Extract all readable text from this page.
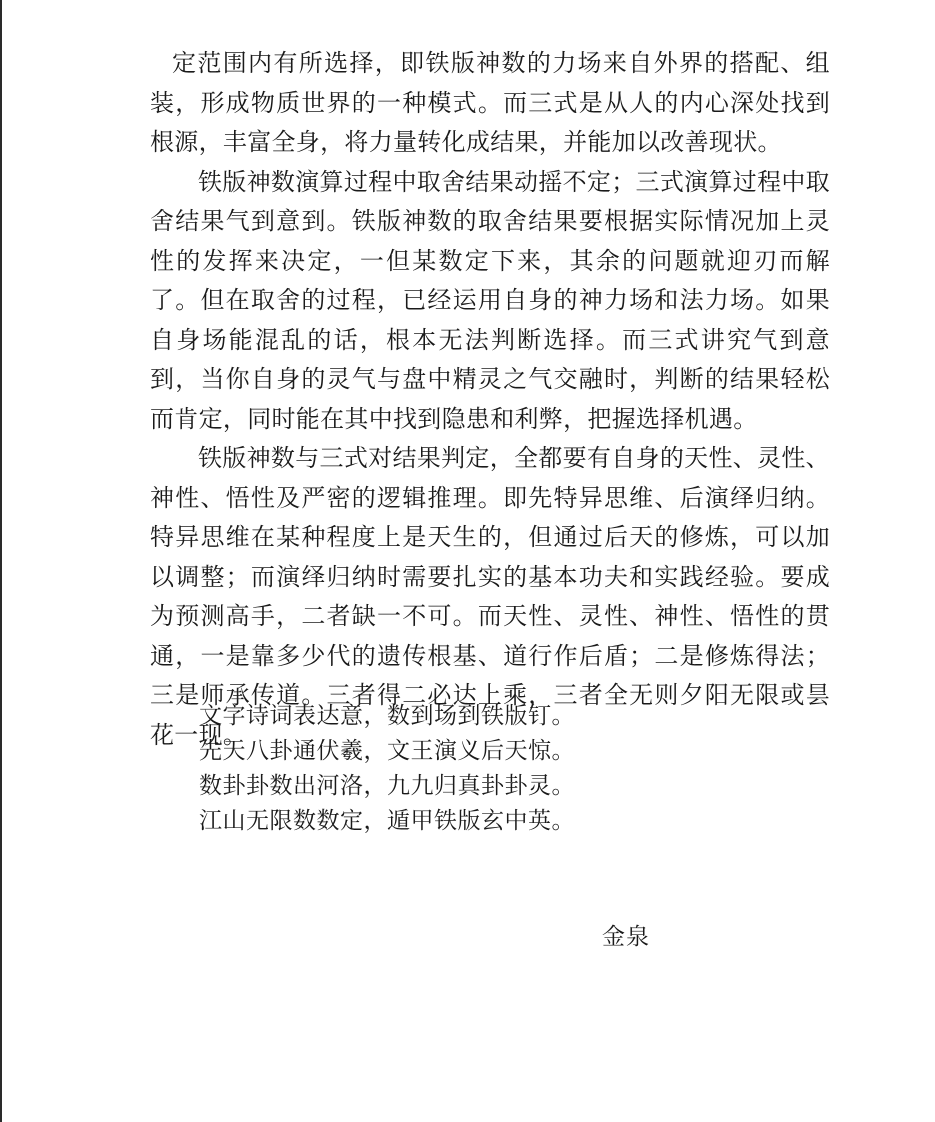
定范围内有所选择，即铁版神数的力场来自外界的搭配、组装，形成物质世界的一种模式。而三式是从人的内心深处找到根源，丰富全身，将力量转化成结果，并能加以改善现状。

铁版神数演算过程中取舍结果动摇不定；三式演算过程中取舍结果气到意到。铁版神数的取舍结果要根据实际情况加上灵性的发挥来决定，一但某数定下来，其余的问题就迎刃而解了。但在取舍的过程，已经运用自身的神力场和法力场。如果自身场能混乱的话，根本无法判断选择。而三式讲究气到意到，当你自身的灵气与盘中精灵之气交融时，判断的结果轻松而肯定，同时能在其中找到隐患和利弊，把握选择机遇。

铁版神数与三式对结果判定，全都要有自身的天性、灵性、神性、悟性及严密的逻辑推理。即先特异思维、后演绎归纳。特异思维在某种程度上是天生的，但通过后天的修炼，可以加以调整；而演绎归纳时需要扎实的基本功夫和实践经验。要成为预测高手，二者缺一不可。而天性、灵性、神性、悟性的贯通，一是靠多少代的遗传根基、道行作后盾；二是修炼得法；三是师承传道。三者得二必达上乘，三者全无则夕阳无限或昙花一现。

文字诗词表达意，数到场到铁版钉。
先天八卦通伏羲，文王演义后天惊。
数卦卦数出河洛，九九归真卦卦灵。
江山无限数数定，遁甲铁版玄中英。
金泉
